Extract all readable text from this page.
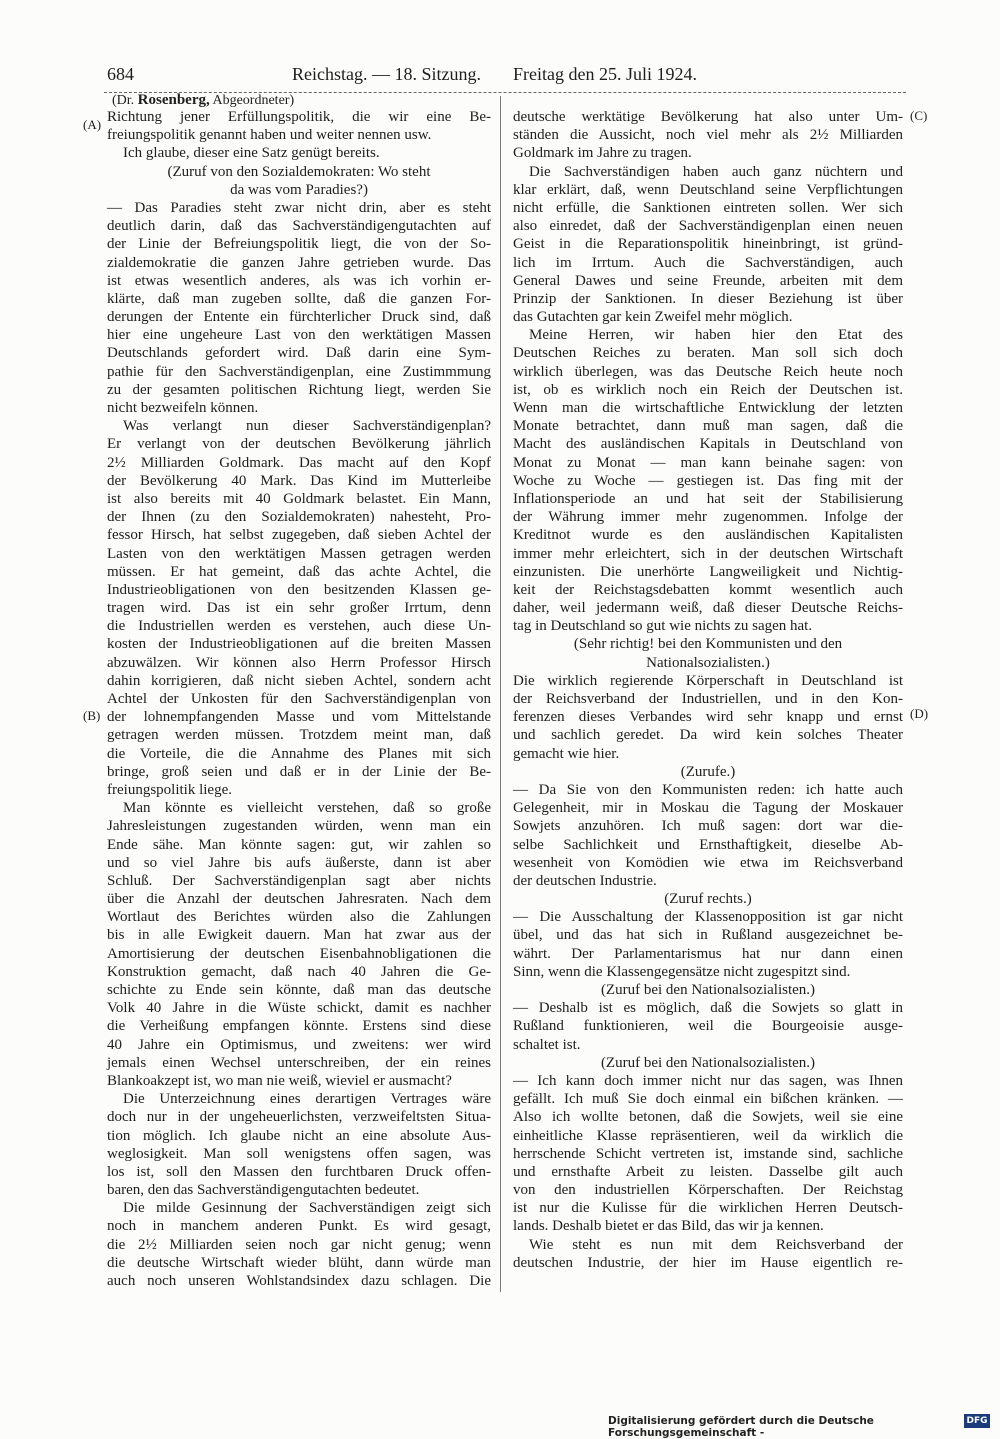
684	Reichstag. — 18. Sitzung. Freitag den 25. Juli 1924.
(Dr. Rosenberg, Abgeordneter)
(A)
(B)
(C)
(D)
Richtung jener Erfüllungspolitik, die wir eine Be-
freiungspolitik genannt haben und weiter nennen usw.
Ich glaube, dieser eine Satz genügt bereits.
(Zuruf von den Sozialdemokraten: Wo steht
da was vom Paradies?)
— Das Paradies steht zwar nicht drin, aber es steht
deutlich darin, daß das Sachverständigengutachten auf
der Linie der Befreiungspolitik liegt, die von der So-
zialdemokratie die ganzen Jahre getrieben wurde. Das
ist etwas wesentlich anderes, als was ich vorhin er-
klärte, daß man zugeben sollte, daß die ganzen For-
derungen der Entente ein fürchterlicher Druck sind, daß
hier eine ungeheure Last von den werktätigen Massen
Deutschlands gefordert wird. Daß darin eine Sym-
pathie für den Sachverständigenplan, eine Zustimmmung
zu der gesamten politischen Richtung liegt, werden Sie
nicht bezweifeln können.
Was verlangt nun dieser Sachverständigenplan?
Er verlangt von der deutschen Bevölkerung jährlich
2½ Milliarden Goldmark. Das macht auf den Kopf
der Bevölkerung 40 Mark. Das Kind im Mutterleibe
ist also bereits mit 40 Goldmark belastet. Ein Mann,
der Ihnen (zu den Sozialdemokraten) nahesteht, Pro-
fessor Hirsch, hat selbst zugegeben, daß sieben Achtel der
Lasten von den werktätigen Massen getragen werden
müssen. Er hat gemeint, daß das achte Achtel, die
Industrieobligationen von den besitzenden Klassen ge-
tragen wird. Das ist ein sehr großer Irrtum, denn
die Industriellen werden es verstehen, auch diese Un-
kosten der Industrieobligationen auf die breiten Massen
abzuwälzen. Wir können also Herrn Professor Hirsch
dahin korrigieren, daß nicht sieben Achtel, sondern acht
Achtel der Unkosten für den Sachverständigenplan von
der lohnempfangenden Masse und vom Mittelstande
getragen werden müssen. Trotzdem meint man, daß
die Vorteile, die die Annahme des Planes mit sich
bringe, groß seien und daß er in der Linie der Be-
freiungspolitik liege.
Man könnte es vielleicht verstehen, daß so große
Jahresleistungen zugestanden würden, wenn man ein
Ende sähe. Man könnte sagen: gut, wir zahlen so
und so viel Jahre bis aufs äußerste, dann ist aber
Schluß. Der Sachverständigenplan sagt aber nichts
über die Anzahl der deutschen Jahresraten. Nach dem
Wortlaut des Berichtes würden also die Zahlungen
bis in alle Ewigkeit dauern. Man hat zwar aus der
Amortisierung der deutschen Eisenbahnobligationen die
Konstruktion gemacht, daß nach 40 Jahren die Ge-
schichte zu Ende sein könnte, daß man das deutsche
Volk 40 Jahre in die Wüste schickt, damit es nachher
die Verheißung empfangen könnte. Erstens sind diese
40 Jahre ein Optimismus, und zweitens: wer wird
jemals einen Wechsel unterschreiben, der ein reines
Blankoakzept ist, wo man nie weiß, wieviel er ausmacht?
Die Unterzeichnung eines derartigen Vertrages wäre
doch nur in der ungeheuerlichsten, verzweifeltsten Situa-
tion möglich. Ich glaube nicht an eine absolute Aus-
weglosigkeit. Man soll wenigstens offen sagen, was
los ist, soll den Massen den furchtbaren Druck offen-
baren, den das Sachverständigengutachten bedeutet.
Die milde Gesinnung der Sachverständigen zeigt sich
noch in manchem anderen Punkt. Es wird gesagt,
die 2½ Milliarden seien noch gar nicht genug; wenn
die deutsche Wirtschaft wieder blüht, dann würde man
auch noch unseren Wohlstandsindex dazu schlagen. Die
deutsche werktätige Bevölkerung hat also unter Um-
ständen die Aussicht, noch viel mehr als 2½ Milliarden
Goldmark im Jahre zu tragen.
Die Sachverständigen haben auch ganz nüchtern und
klar erklärt, daß, wenn Deutschland seine Verpflichtungen
nicht erfülle, die Sanktionen eintreten sollen. Wer sich
also einredet, daß der Sachverständigenplan einen neuen
Geist in die Reparationspolitik hineinbringt, ist gründ-
lich im Irrtum. Auch die Sachverständigen, auch
General Dawes und seine Freunde, arbeiten mit dem
Prinzip der Sanktionen. In dieser Beziehung ist über
das Gutachten gar kein Zweifel mehr möglich.
Meine Herren, wir haben hier den Etat des
Deutschen Reiches zu beraten. Man soll sich doch
wirklich überlegen, was das Deutsche Reich heute noch
ist, ob es wirklich noch ein Reich der Deutschen ist.
Wenn man die wirtschaftliche Entwicklung der letzten
Monate betrachtet, dann muß man sagen, daß die
Macht des ausländischen Kapitals in Deutschland von
Monat zu Monat — man kann beinahe sagen: von
Woche zu Woche — gestiegen ist. Das fing mit der
Inflationsperiode an und hat seit der Stabilisierung
der Währung immer mehr zugenommen. Infolge der
Kreditnot wurde es den ausländischen Kapitalisten
immer mehr erleichtert, sich in der deutschen Wirtschaft
einzunisten. Die unerhörte Langweiligkeit und Nichtig-
keit der Reichstagsdebatten kommt wesentlich auch
daher, weil jedermann weiß, daß dieser Deutsche Reichs-
tag in Deutschland so gut wie nichts zu sagen hat.
(Sehr richtig! bei den Kommunisten und den
Nationalsozialisten.)
Die wirklich regierende Körperschaft in Deutschland ist
der Reichsverband der Industriellen, und in den Kon-
ferenzen dieses Verbandes wird sehr knapp und ernst
und sachlich geredet. Da wird kein solches Theater
gemacht wie hier.
(Zurufe.)
— Da Sie von den Kommunisten reden: ich hatte auch
Gelegenheit, mir in Moskau die Tagung der Moskauer
Sowjets anzuhören. Ich muß sagen: dort war die-
selbe Sachlichkeit und Ernsthaftigkeit, dieselbe Ab-
wesenheit von Komödien wie etwa im Reichsverband
der deutschen Industrie.
(Zuruf rechts.)
— Die Ausschaltung der Klassenopposition ist gar nicht
übel, und das hat sich in Rußland ausgezeichnet be-
währt. Der Parlamentarismus hat nur dann einen
Sinn, wenn die Klassengegensätze nicht zugespitzt sind.
(Zuruf bei den Nationalsozialisten.)
— Deshalb ist es möglich, daß die Sowjets so glatt in
Rußland funktionieren, weil die Bourgeoisie ausge-
schaltet ist.
(Zuruf bei den Nationalsozialisten.)
— Ich kann doch immer nicht nur das sagen, was Ihnen
gefällt. Ich muß Sie doch einmal ein bißchen kränken. —
Also ich wollte betonen, daß die Sowjets, weil sie eine
einheitliche Klasse repräsentieren, weil da wirklich die
herrschende Schicht vertreten ist, imstande sind, sachliche
und ernsthafte Arbeit zu leisten. Dasselbe gilt auch
von den industriellen Körperschaften. Der Reichstag
ist nur die Kulisse für die wirklichen Herren Deutsch-
lands. Deshalb bietet er das Bild, das wir ja kennen.
Wie steht es nun mit dem Reichsverband der
deutschen Industrie, der hier im Hause eigentlich re-
Digitalisierung gefördert durch die Deutsche Forschungsgemeinschaft -
DFG
